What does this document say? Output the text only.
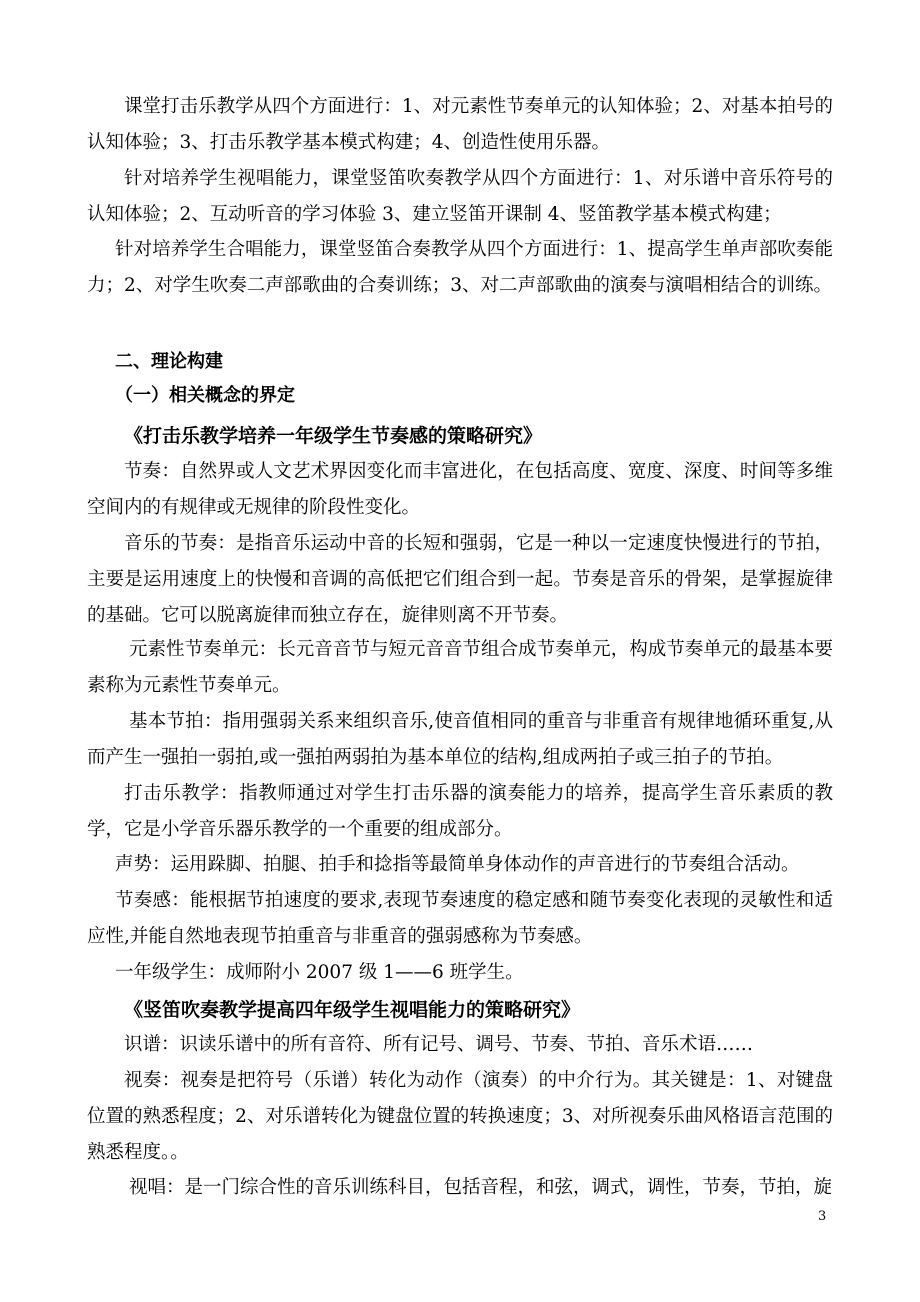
课堂打击乐教学从四个方面进行：1、对元素性节奏单元的认知体验；2、对基本拍号的认知体验；3、打击乐教学基本模式构建；4、创造性使用乐器。
针对培养学生视唱能力，课堂竖笛吹奏教学从四个方面进行：1、对乐谱中音乐符号的认知体验；2、互动听音的学习体验 3、建立竖笛开课制 4、竖笛教学基本模式构建；
针对培养学生合唱能力，课堂竖笛合奏教学从四个方面进行：1、提高学生单声部吹奏能力；2、对学生吹奏二声部歌曲的合奏训练；3、对二声部歌曲的演奏与演唱相结合的训练。
二、理论构建
（一）相关概念的界定
《打击乐教学培养一年级学生节奏感的策略研究》
节奏：自然界或人文艺术界因变化而丰富进化，在包括高度、宽度、深度、时间等多维空间内的有规律或无规律的阶段性变化。
音乐的节奏：是指音乐运动中音的长短和强弱，它是一种以一定速度快慢进行的节拍，主要是运用速度上的快慢和音调的高低把它们组合到一起。节奏是音乐的骨架，是掌握旋律的基础。它可以脱离旋律而独立存在，旋律则离不开节奏。
元素性节奏单元：长元音音节与短元音音节组合成节奏单元，构成节奏单元的最基本要素称为元素性节奏单元。
基本节拍：指用强弱关系来组织音乐,使音值相同的重音与非重音有规律地循环重复,从而产生一强拍一弱拍,或一强拍两弱拍为基本单位的结构,组成两拍子或三拍子的节拍。
打击乐教学：指教师通过对学生打击乐器的演奏能力的培养，提高学生音乐素质的教学，它是小学音乐器乐教学的一个重要的组成部分。
声势：运用跺脚、拍腿、拍手和捻指等最简单身体动作的声音进行的节奏组合活动。
节奏感：能根据节拍速度的要求,表现节奏速度的稳定感和随节奏变化表现的灵敏性和适应性,并能自然地表现节拍重音与非重音的强弱感称为节奏感。
一年级学生：成师附小 2007 级 1——6 班学生。
《竖笛吹奏教学提高四年级学生视唱能力的策略研究》
识谱：识读乐谱中的所有音符、所有记号、调号、节奏、节拍、音乐术语……
视奏：视奏是把符号（乐谱）转化为动作（演奏）的中介行为。其关键是：1、对键盘位置的熟悉程度；2、对乐谱转化为键盘位置的转换速度；3、对所视奏乐曲风格语言范围的熟悉程度。。
视唱：是一门综合性的音乐训练科目，包括音程，和弦，调式，调性，节奏，节拍，旋
3
